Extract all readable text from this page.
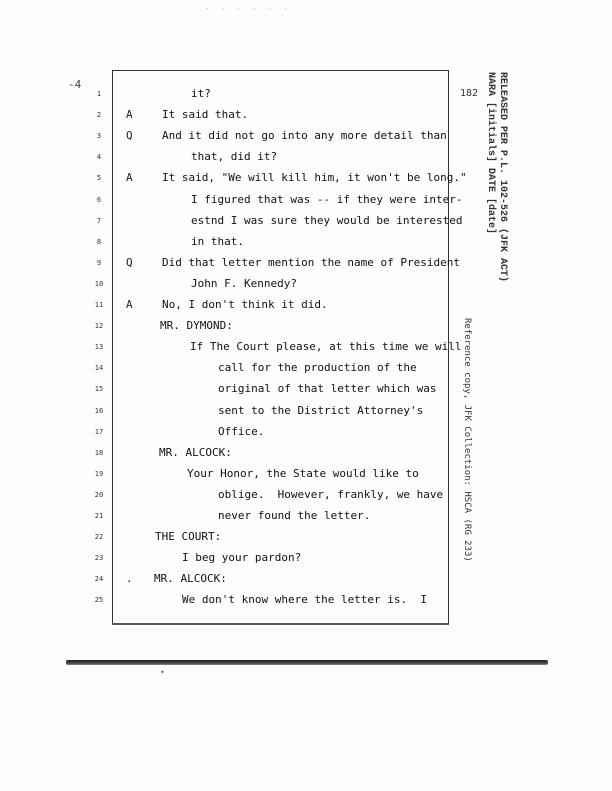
· · · · · ·
-4
182	RELEASED PER P.L. 102-526 (JFK ACT)

NARA [initials] DATE [date]
Reference copy, JFK Collection: HSCA (RG 233)
1	it?
2	A	It said that.
3	Q	And it did not go into any more detail than
4	that, did it?
5	A	It said, "We will kill him, it won't be long."
6	I figured that was -- if they were inter-
7	estnd I was sure they would be interested
8	in that.
9	Q	Did that letter mention the name of President
10	John F. Kennedy?
11	A	No, I don't think it did.
12	MR. DYMOND:
13	If The Court please, at this time we will
14	call for the production of the
15	original of that letter which was
16	sent to the District Attorney's
17	Office.
18	MR. ALCOCK:
19	Your Honor, the State would like to
20	oblige.  However, frankly, we have
21	never found the letter.
22	THE COURT:
23	I beg your pardon?
24	. MR. ALCOCK:
25	We don't know where the letter is.  I
•
